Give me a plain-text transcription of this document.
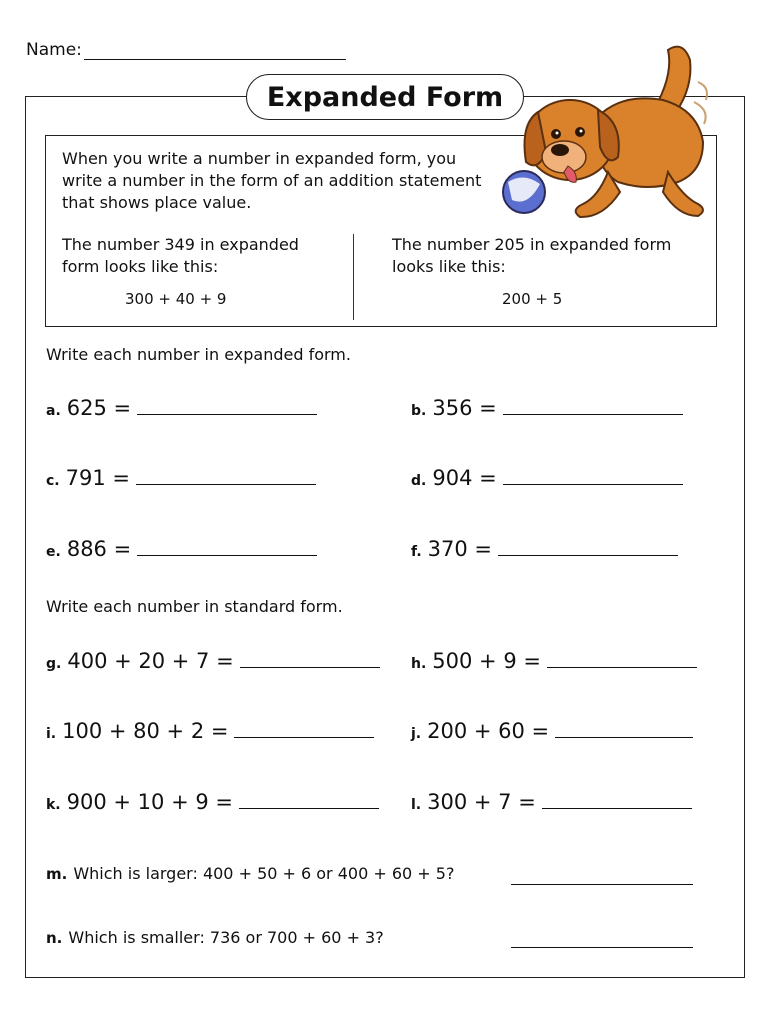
Name:
Expanded Form
When you write a number in expanded form, you write a number in the form of an addition statement that shows place value.
The number 349 in expanded form looks like this:
The number 205 in expanded form looks like this:
300 + 40 + 9	200 + 5
Write each number in expanded form.
a. 625 =	b. 356 =
c. 791 =	d. 904 =
e. 886 =	f. 370 =
Write each number in standard form.
g. 400 + 20 + 7 =	h. 500 + 9 =
i. 100 + 80 + 2 =	j. 200 + 60 =
k. 900 + 10 + 9 =	l. 300 + 7 =
m. Which is larger: 400 + 50 + 6 or 400 + 60 + 5?
n. Which is smaller: 736 or 700 + 60 + 3?
